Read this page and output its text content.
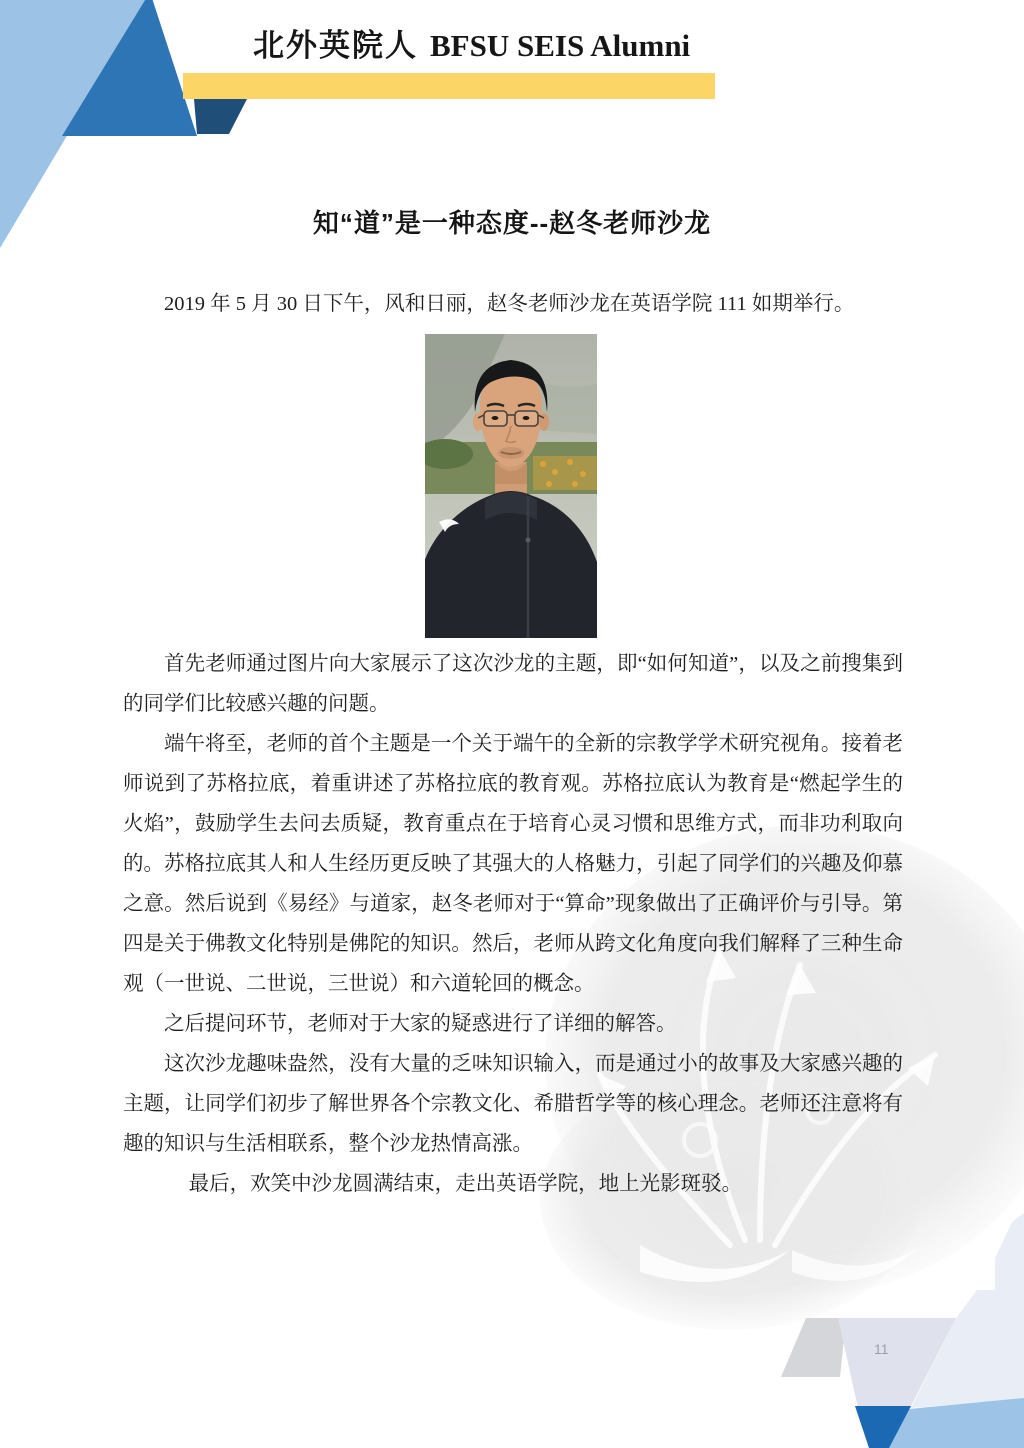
北外英院人 BFSU SEIS Alumni
知“道”是一种态度--赵冬老师沙龙
2019 年 5 月 30 日下午，风和日丽，赵冬老师沙龙在英语学院 111 如期举行。

首先老师通过图片向大家展示了这次沙龙的主题，即“如何知道”，以及之前搜集到的同学们比较感兴趣的问题。

端午将至，老师的首个主题是一个关于端午的全新的宗教学学术研究视角。接着老师说到了苏格拉底，着重讲述了苏格拉底的教育观。苏格拉底认为教育是“燃起学生的火焰”，鼓励学生去问去质疑，教育重点在于培育心灵习惯和思维方式，而非功利取向的。苏格拉底其人和人生经历更反映了其强大的人格魅力，引起了同学们的兴趣及仰慕之意。然后说到《易经》与道家，赵冬老师对于“算命”现象做出了正确评价与引导。第四是关于佛教文化特别是佛陀的知识。然后，老师从跨文化角度向我们解释了三种生命观（一世说、二世说，三世说）和六道轮回的概念。

之后提问环节，老师对于大家的疑惑进行了详细的解答。

这次沙龙趣味盎然，没有大量的乏味知识输入，而是通过小的故事及大家感兴趣的主题，让同学们初步了解世界各个宗教文化、希腊哲学等的核心理念。老师还注意将有趣的知识与生活相联系，整个沙龙热情高涨。

最后，欢笑中沙龙圆满结束，走出英语学院，地上光影斑驳。

11
